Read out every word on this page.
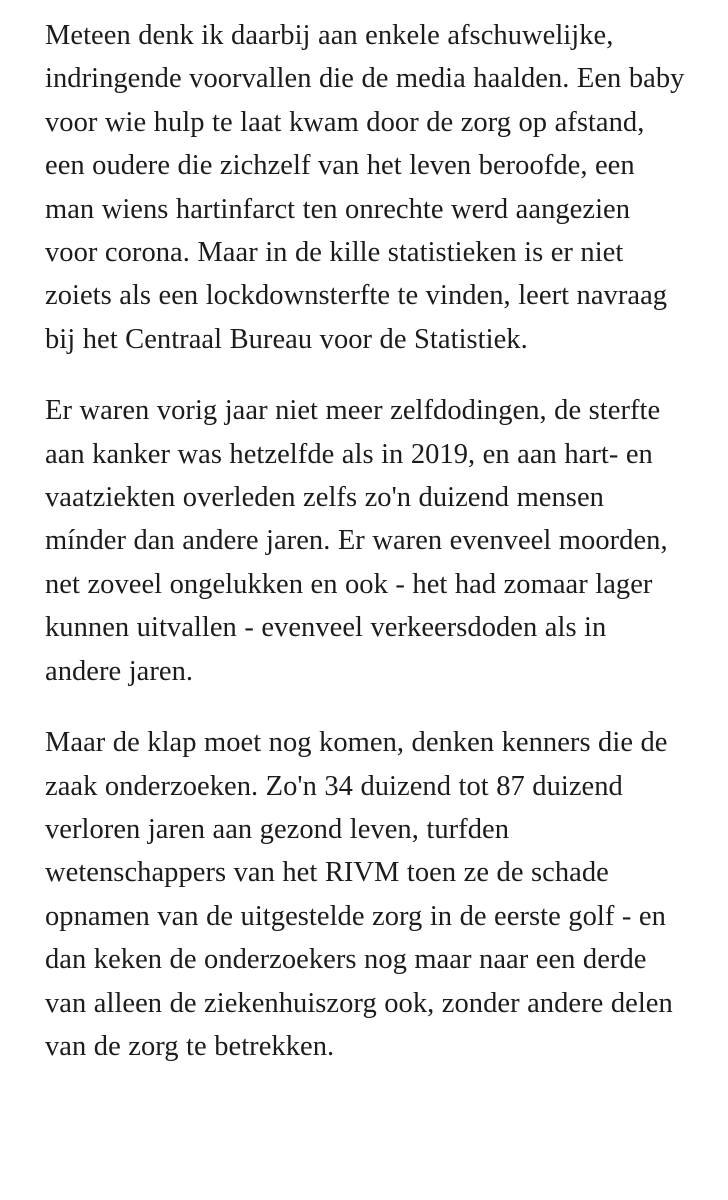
Meteen denk ik daarbij aan enkele afschuwelijke, indringende voorvallen die de media haalden. Een baby voor wie hulp te laat kwam door de zorg op afstand, een oudere die zichzelf van het leven beroofde, een man wiens hartinfarct ten onrechte werd aangezien voor corona. Maar in de kille statistieken is er niet zoiets als een lockdownsterfte te vinden, leert navraag bij het Centraal Bureau voor de Statistiek.

Er waren vorig jaar niet meer zelfdodingen, de sterfte aan kanker was hetzelfde als in 2019, en aan hart- en vaatziekten overleden zelfs zo'n duizend mensen mínder dan andere jaren. Er waren evenveel moorden, net zoveel ongelukken en ook - het had zomaar lager kunnen uitvallen - evenveel verkeersdoden als in andere jaren.

Maar de klap moet nog komen, denken kenners die de zaak onderzoeken. Zo'n 34 duizend tot 87 duizend verloren jaren aan gezond leven, turfden wetenschappers van het RIVM toen ze de schade opnamen van de uitgestelde zorg in de eerste golf - en dan keken de onderzoekers nog maar naar een derde van alleen de ziekenhuiszorg ook, zonder andere delen van de zorg te betrekken.
